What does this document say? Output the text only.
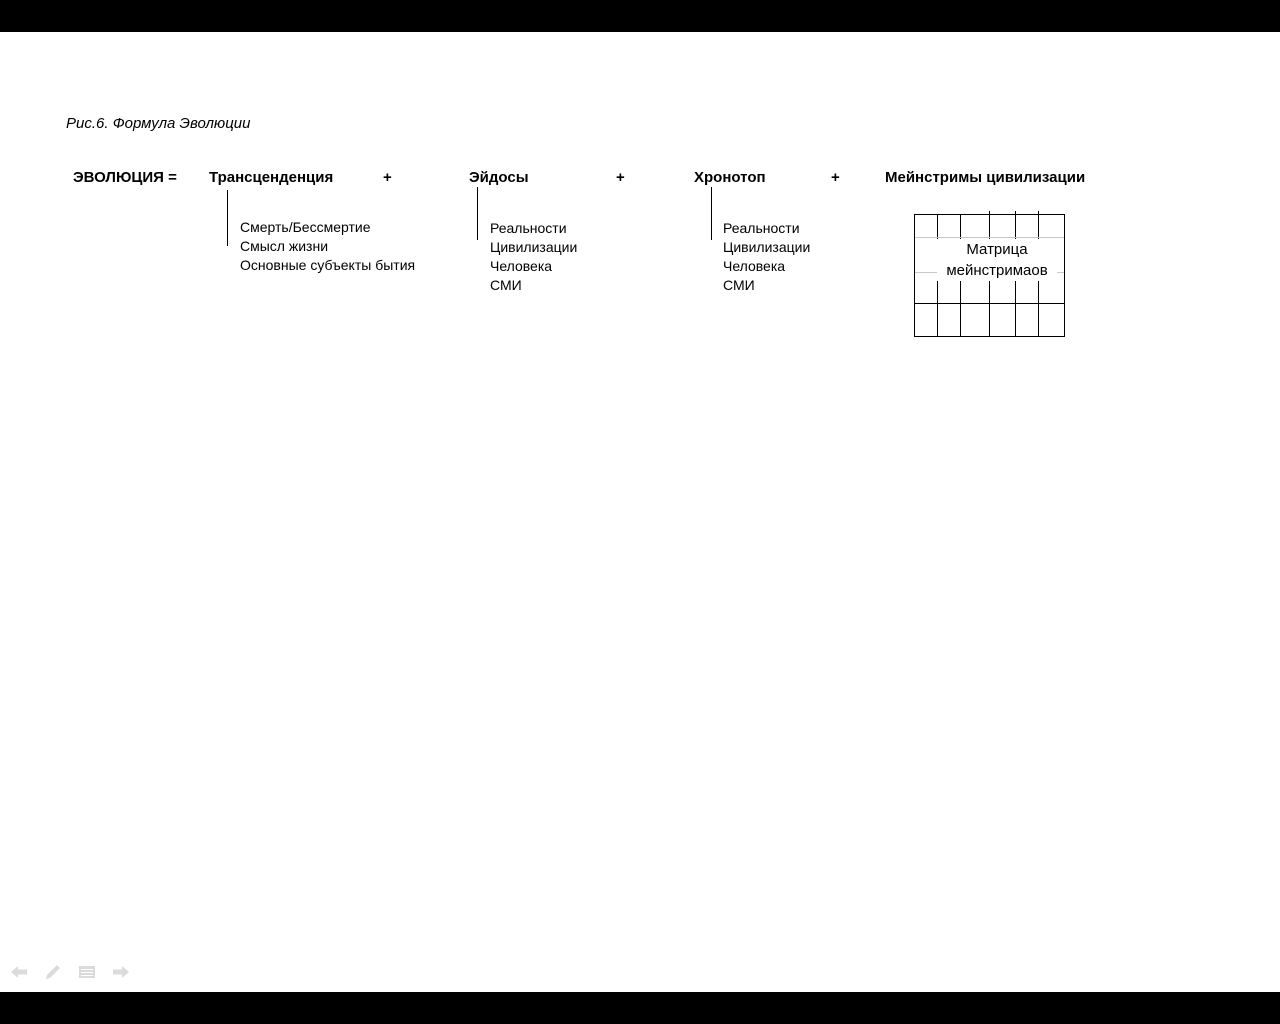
Рис.6. Формула Эволюции
ЭВОЛЮЦИЯ = Трансценденция	+	Эйдосы	+	Хронотоп	+	Мейнстримы цивилизации
Смерть/Бессмертие
Смысл жизни
Основные субъекты бытия
Реальности
Цивилизации
Человека
СМИ
Реальности
Цивилизации
Человека
СМИ
Матрица
мейнстримаов
